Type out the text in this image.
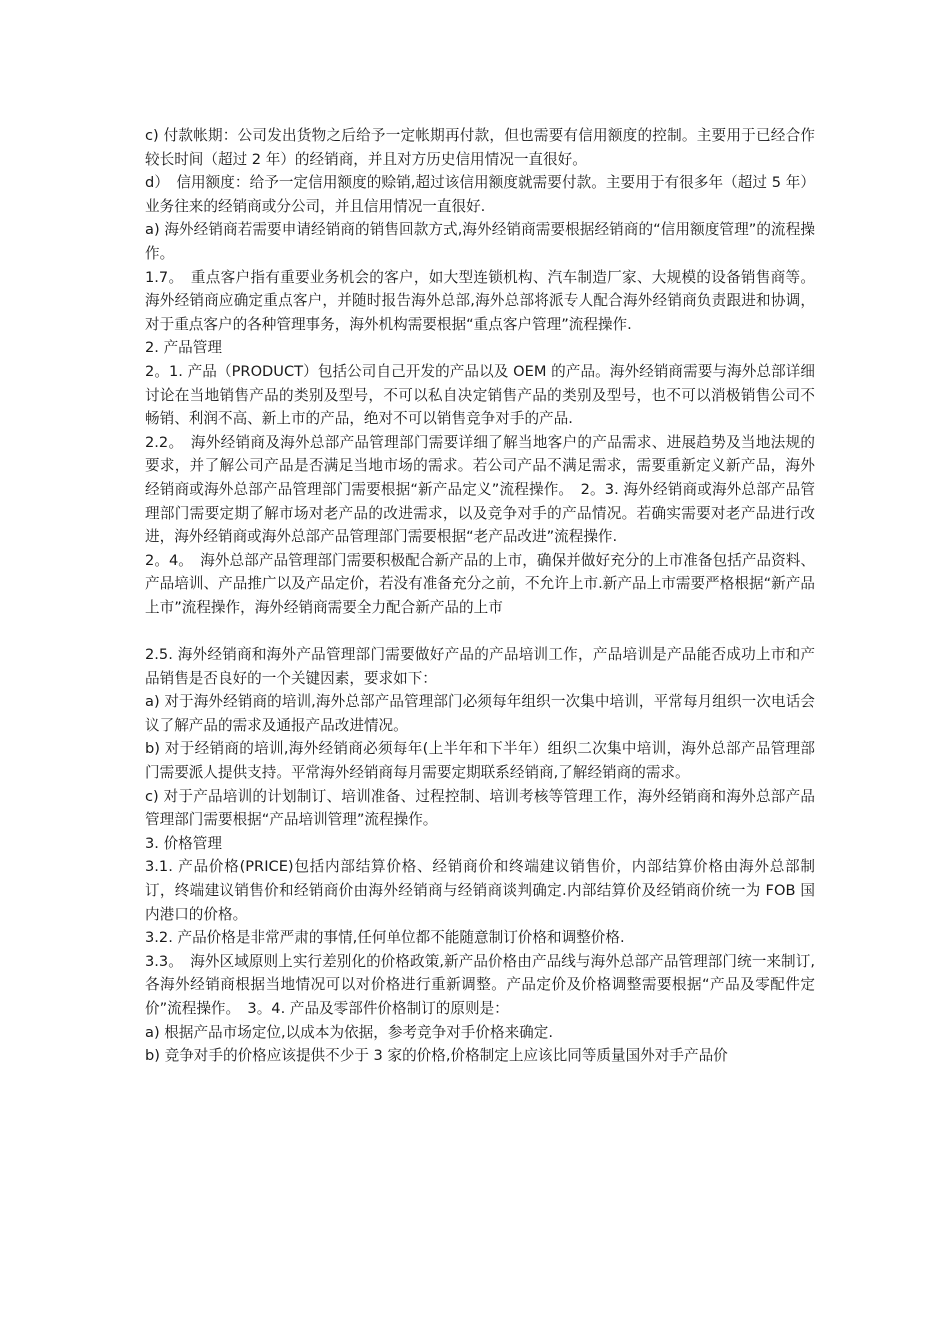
c) 付款帐期：公司发出货物之后给予一定帐期再付款，但也需要有信用额度的控制。主要用于已经合作较长时间（超过 2 年）的经销商，并且对方历史信用情况一直很好。

d）　信用额度：给予一定信用额度的赊销,超过该信用额度就需要付款。主要用于有很多年（超过 5 年）业务往来的经销商或分公司，并且信用情况一直很好.

a) 海外经销商若需要申请经销商的销售回款方式,海外经销商需要根据经销商的“信用额度管理”的流程操作。

1.7。　重点客户指有重要业务机会的客户，如大型连锁机构、汽车制造厂家、大规模的设备销售商等。海外经销商应确定重点客户，并随时报告海外总部,海外总部将派专人配合海外经销商负责跟进和协调，对于重点客户的各种管理事务，海外机构需要根据“重点客户管理”流程操作.

2. 产品管理

2。1. 产品（PRODUCT）包括公司自己开发的产品以及 OEM 的产品。海外经销商需要与海外总部详细讨论在当地销售产品的类别及型号，不可以私自决定销售产品的类别及型号，也不可以消极销售公司不畅销、利润不高、新上市的产品，绝对不可以销售竞争对手的产品.

2.2。　海外经销商及海外总部产品管理部门需要详细了解当地客户的产品需求、进展趋势及当地法规的要求，并了解公司产品是否满足当地市场的需求。若公司产品不满足需求，需要重新定义新产品，海外经销商或海外总部产品管理部门需要根据“新产品定义”流程操作。　2。3. 海外经销商或海外总部产品管理部门需要定期了解市场对老产品的改进需求，以及竞争对手的产品情况。若确实需要对老产品进行改进，海外经销商或海外总部产品管理部门需要根据“老产品改进”流程操作.

2。4。　海外总部产品管理部门需要积极配合新产品的上市，确保并做好充分的上市准备包括产品资料、产品培训、产品推广以及产品定价，若没有准备充分之前，不允许上市.新产品上市需要严格根据“新产品上市”流程操作，海外经销商需要全力配合新产品的上市

2.5. 海外经销商和海外产品管理部门需要做好产品的产品培训工作，产品培训是产品能否成功上市和产品销售是否良好的一个关键因素，要求如下：

a) 对于海外经销商的培训,海外总部产品管理部门必须每年组织一次集中培训，平常每月组织一次电话会议了解产品的需求及通报产品改进情况。

b) 对于经销商的培训,海外经销商必须每年(上半年和下半年）组织二次集中培训，海外总部产品管理部门需要派人提供支持。平常海外经销商每月需要定期联系经销商,了解经销商的需求。

c) 对于产品培训的计划制订、培训准备、过程控制、培训考核等管理工作，海外经销商和海外总部产品管理部门需要根据“产品培训管理”流程操作。

3. 价格管理

3.1. 产品价格(PRICE)包括内部结算价格、经销商价和终端建议销售价，内部结算价格由海外总部制订，终端建议销售价和经销商价由海外经销商与经销商谈判确定.内部结算价及经销商价统一为 FOB 国内港口的价格。

3.2. 产品价格是非常严肃的事情,任何单位都不能随意制订价格和调整价格.

3.3。　海外区域原则上实行差别化的价格政策,新产品价格由产品线与海外总部产品管理部门统一来制订,各海外经销商根据当地情况可以对价格进行重新调整。产品定价及价格调整需要根据“产品及零配件定价”流程操作。　3。4. 产品及零部件价格制订的原则是：

a) 根据产品市场定位,以成本为依据，参考竞争对手价格来确定.

b) 竞争对手的价格应该提供不少于 3 家的价格,价格制定上应该比同等质量国外对手产品价
